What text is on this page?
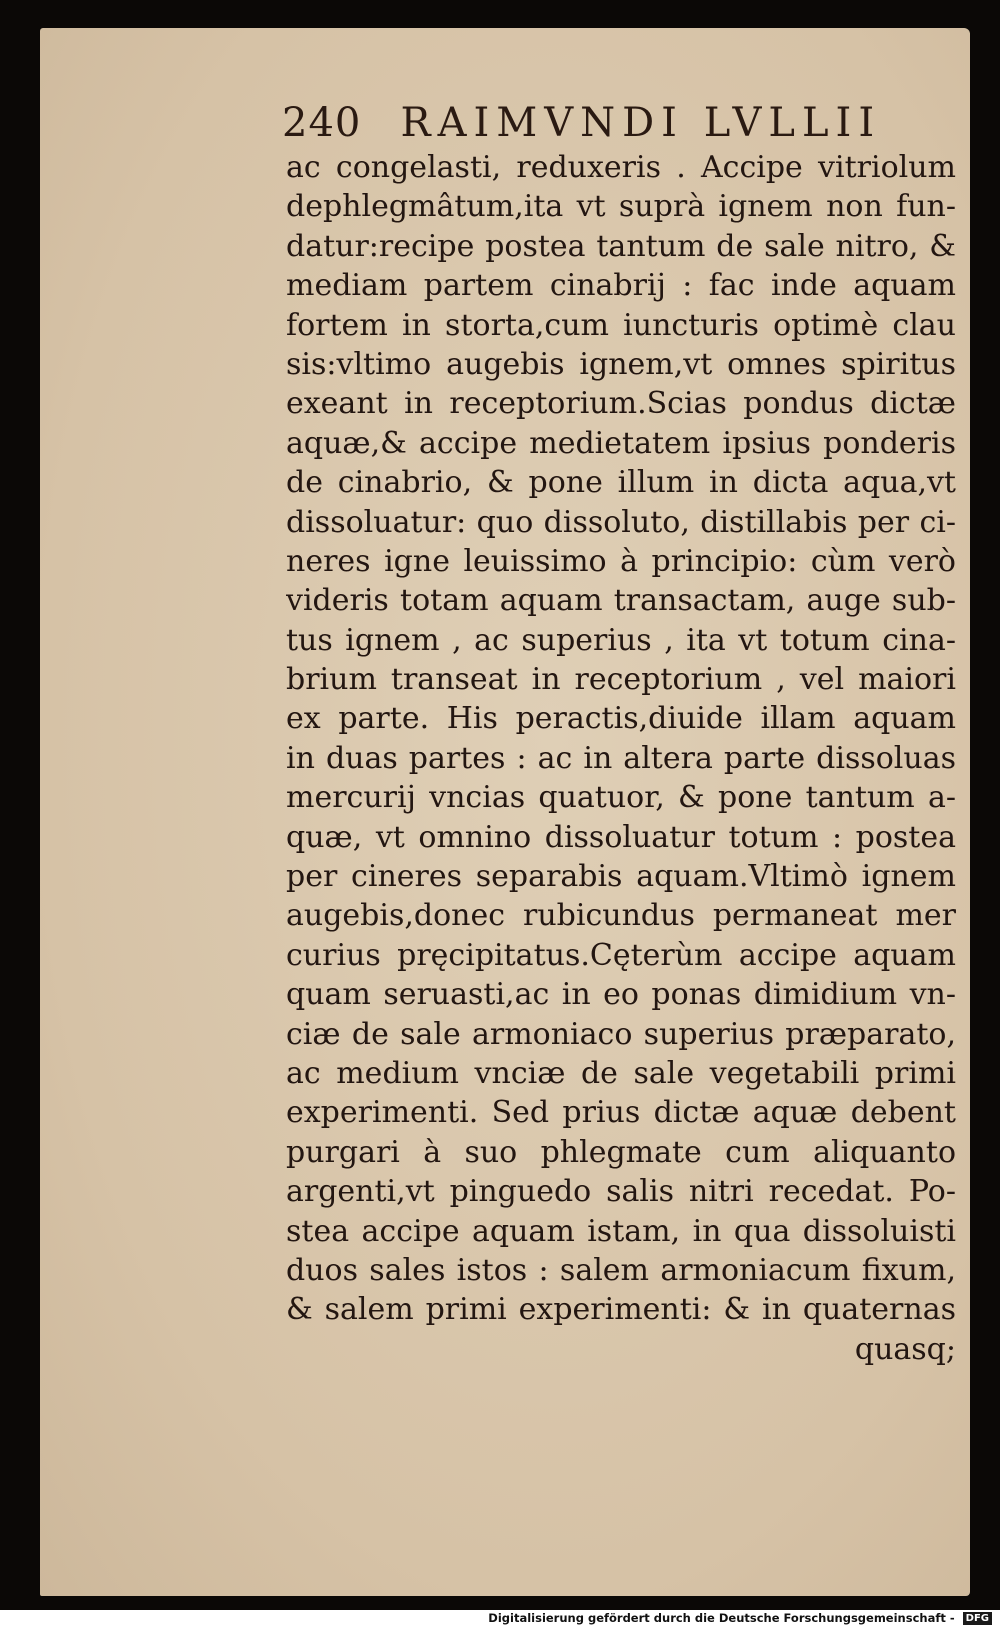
240 RAIMVNDI LVLLII
ac congelasti, reduxeris . Accipe vitriolum
dephlegmâtum,ita vt suprà ignem non fun-
datur:recipe postea tantum de sale nitro, &
mediam partem cinabrij : fac inde aquam
fortem in storta,cum iuncturis optimè clau
sis:vltimo augebis ignem,vt omnes spiritus
exeant in receptorium.Scias pondus dictæ
aquæ,& accipe medietatem ipsius ponderis
de cinabrio, & pone illum in dicta aqua,vt
dissoluatur: quo dissoluto, distillabis per ci-
neres igne leuissimo à principio: cùm verò
videris totam aquam transactam, auge sub-
tus ignem , ac superius , ita vt totum cina-
brium transeat in receptorium , vel maiori
ex parte. His peractis,diuide illam aquam
in duas partes : ac in altera parte dissoluas
mercurij vncias quatuor, & pone tantum a-
quæ, vt omnino dissoluatur totum : postea
per cineres separabis aquam.Vltimò ignem
augebis,donec rubicundus permaneat mer
curius pręcipitatus.Cęterùm accipe aquam
quam seruasti,ac in eo ponas dimidium vn-
ciæ de sale armoniaco superius præparato,
ac medium vnciæ de sale vegetabili primi
experimenti. Sed prius dictæ aquæ debent
purgari à suo phlegmate cum aliquanto
argenti,vt pinguedo salis nitri recedat. Po-
stea accipe aquam istam, in qua dissoluisti
duos sales istos : salem armoniacum fixum,
& salem primi experimenti: & in quaternas
quasq;
Digitalisierung gefördert durch die Deutsche Forschungsgemeinschaft - DFG
